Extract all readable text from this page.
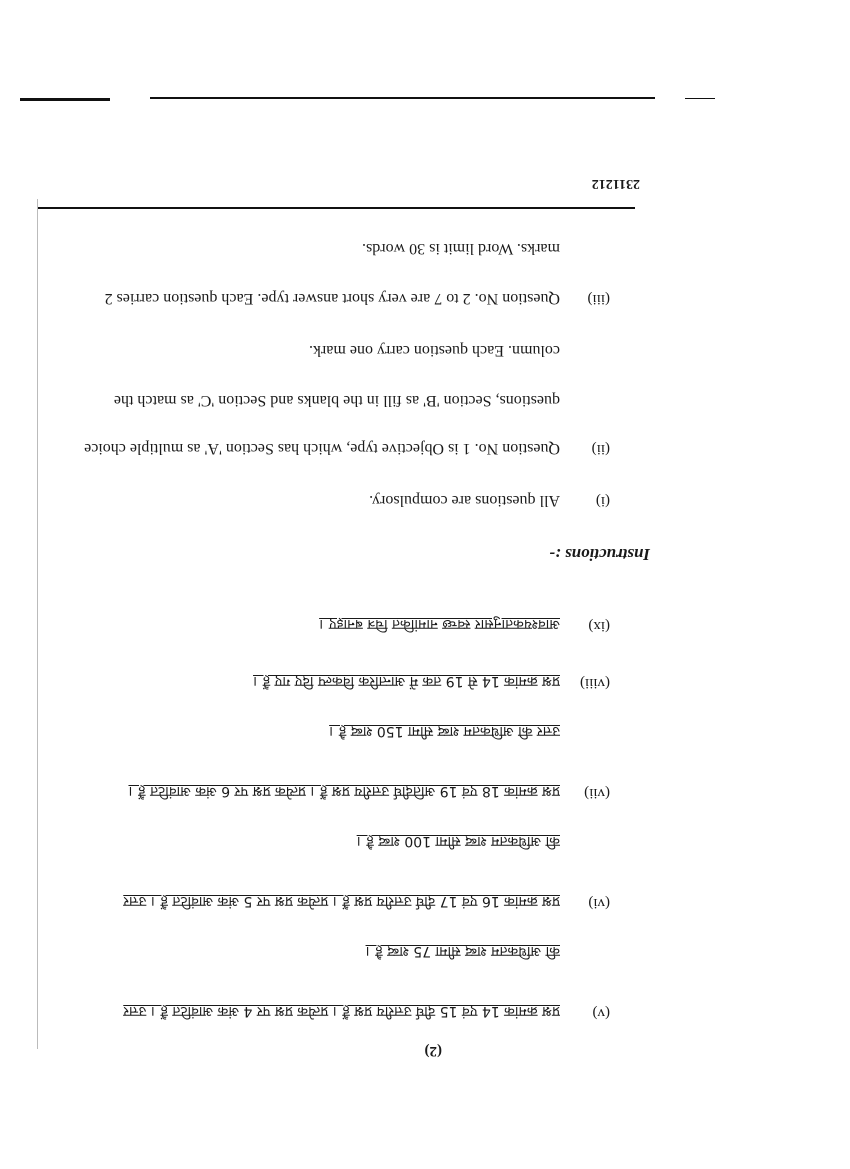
(2)
(v)
प्रश्न क्रमांक 14 एवं 15 दीर्घ उत्तरीय प्रश्न हैं । प्रत्येक प्रश्न पर 4 अंक आवंटित हैं । उत्तर
की अधिकतम शब्द सीमा 75 शब्द है ।
(vi)
प्रश्न क्रमांक 16 एवं 17 दीर्घ उत्तरीय प्रश्न हैं । प्रत्येक प्रश्न पर 5 अंक आवंटित हैं । उत्तर
की अधिकतम शब्द सीमा 100 शब्द है ।
(vii)
प्रश्न क्रमांक 18 एवं 19 अतिदीर्घ उत्तरीय प्रश्न हैं । प्रत्येक प्रश्न पर 6 अंक आवंटित हैं ।
उत्तर की अधिकतम शब्द सीमा 150 शब्द है ।
(viii)
प्रश्न क्रमांक 14 से 19 तक में आन्तरिक विकल्प दिए गए हैं ।
(ix)
आवश्यकतानुसार स्वच्छ नामांकित चित्र बनाइए ।
Instructions :-
(i)
All questions are compulsory.
(ii)
Question No. 1 is Objective type, which has Section 'A' as multiple choice
questions, Section 'B' as fill in the blanks and Section 'C' as match the
column. Each question carry one mark.
(iii)
Question No. 2 to 7 are very short answer type. Each question carries 2
marks. Word limit is 30 words.
2311212
